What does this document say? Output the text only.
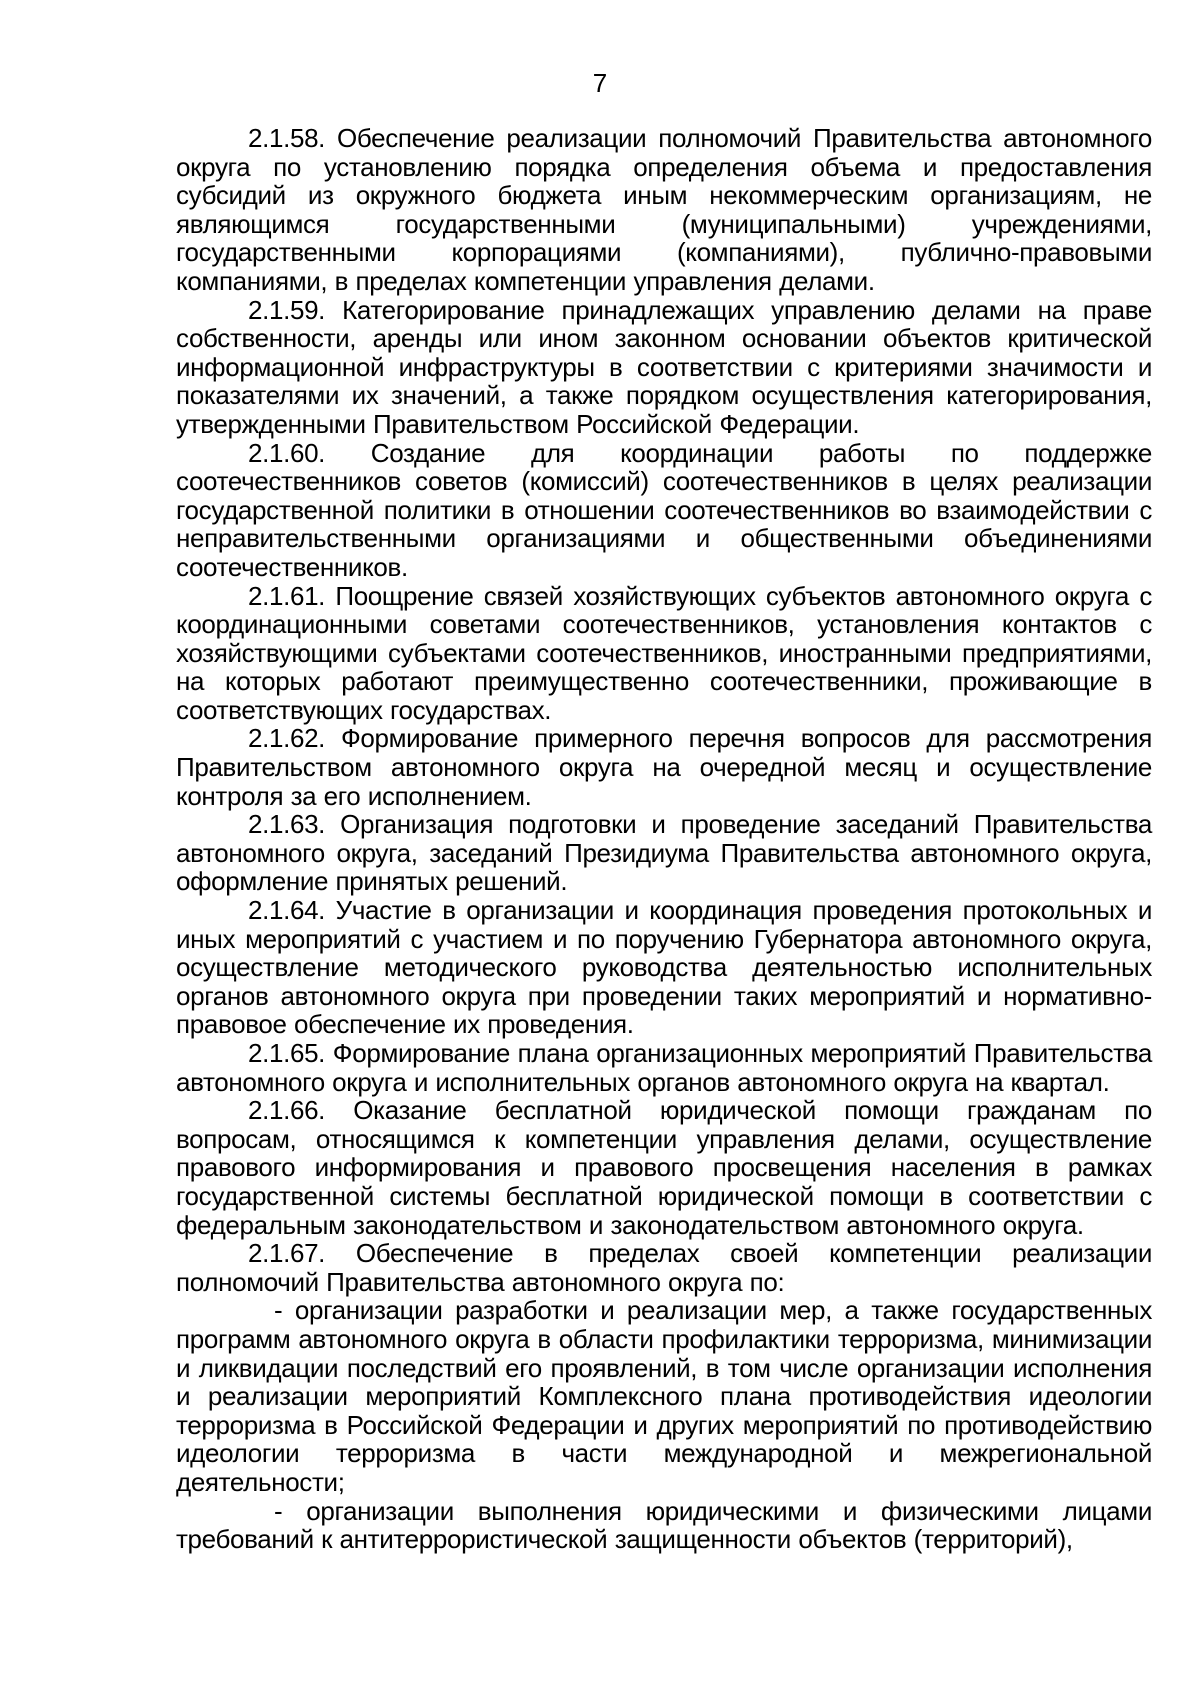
7

2.1.58. Обеспечение реализации полномочий Правительства автономного округа по установлению порядка определения объема и предоставления субсидий из окружного бюджета иным некоммерческим организациям, не являющимся государственными (муниципальными) учреждениями, государственными корпорациями (компаниями), публично-правовыми компаниями, в пределах компетенции управления делами.

2.1.59. Категорирование принадлежащих управлению делами на праве собственности, аренды или ином законном основании объектов критической информационной инфраструктуры в соответствии с критериями значимости и показателями их значений, а также порядком осуществления категорирования, утвержденными Правительством Российской Федерации.

2.1.60. Создание для координации работы по поддержке соотечественников советов (комиссий) соотечественников в целях реализации государственной политики в отношении соотечественников во взаимодействии с неправительственными организациями и общественными объединениями соотечественников.

2.1.61. Поощрение связей хозяйствующих субъектов автономного округа с координационными советами соотечественников, установления контактов с хозяйствующими субъектами соотечественников, иностранными предприятиями, на которых работают преимущественно соотечественники, проживающие в соответствующих государствах.

2.1.62. Формирование примерного перечня вопросов для рассмотрения Правительством автономного округа на очередной месяц и осуществление контроля за его исполнением.

2.1.63. Организация подготовки и проведение заседаний Правительства автономного округа, заседаний Президиума Правительства автономного округа, оформление принятых решений.

2.1.64. Участие в организации и координация проведения протокольных и иных мероприятий с участием и по поручению Губернатора автономного округа, осуществление методического руководства деятельностью исполнительных органов автономного округа при проведении таких мероприятий и нормативно-правовое обеспечение их проведения.

2.1.65. Формирование плана организационных мероприятий Правительства автономного округа и исполнительных органов автономного округа на квартал.

2.1.66. Оказание бесплатной юридической помощи гражданам по вопросам, относящимся к компетенции управления делами, осуществление правового информирования и правового просвещения населения в рамках государственной системы бесплатной юридической помощи в соответствии с федеральным законодательством и законодательством автономного округа.

2.1.67. Обеспечение в пределах своей компетенции реализации полномочий Правительства автономного округа по:

- организации разработки и реализации мер, а также государственных программ автономного округа в области профилактики терроризма, минимизации и ликвидации последствий его проявлений, в том числе организации исполнения и реализации мероприятий Комплексного плана противодействия идеологии терроризма в Российской Федерации и других мероприятий по противодействию идеологии терроризма в части международной и межрегиональной деятельности;

- организации выполнения юридическими и физическими лицами требований к антитеррористической защищенности объектов (территорий),
